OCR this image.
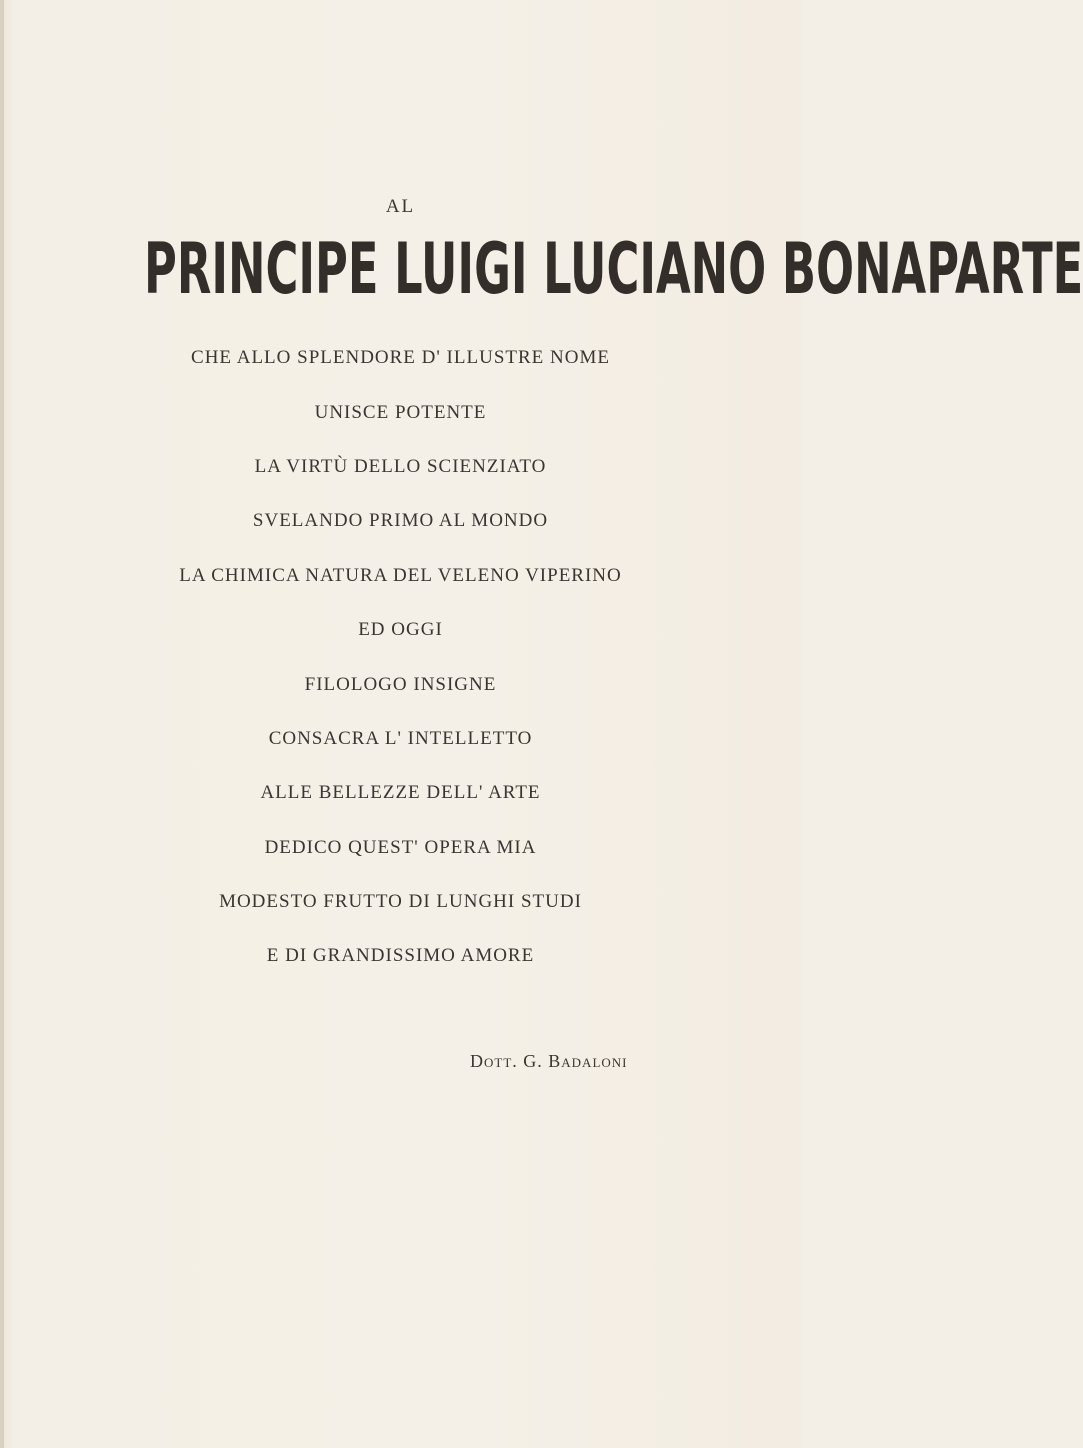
AL
PRINCIPE LUIGI LUCIANO BONAPARTE
CHE ALLO SPLENDORE D' ILLUSTRE NOME
UNISCE POTENTE
LA VIRTÙ DELLO SCIENZIATO
SVELANDO PRIMO AL MONDO
LA CHIMICA NATURA DEL VELENO VIPERINO
ED OGGI
FILOLOGO INSIGNE
CONSACRA L' INTELLETTO
ALLE BELLEZZE DELL' ARTE
DEDICO QUEST' OPERA MIA
MODESTO FRUTTO DI LUNGHI STUDI
E DI GRANDISSIMO AMORE
Dott. G. Badaloni
